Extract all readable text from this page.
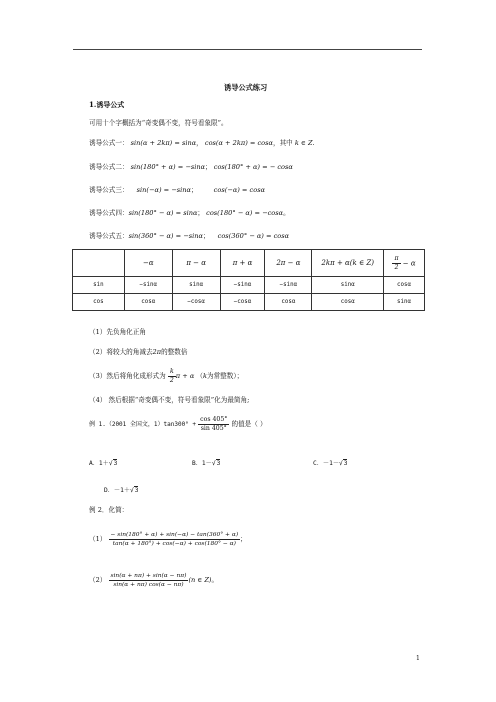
诱导公式练习
1.诱导公式
可用十个字概括为“奇变偶不变，符号看象限”。
诱导公式一： sin(α + 2kπ) = sinα， cos(α + 2kπ) = cosα，其中 k ∈ Z.
诱导公式二： sin(180° + α) = −sinα； cos(180° + α) = − cosα
诱导公式三： sin(−α) = −sinα； cos(−α) = cosα
诱导公式四：sin(180° − α) = sinα； cos(180° − α) = −cosα。
诱导公式五：sin(360° − α) = −sinα； cos(360° − α) = cosα
	−α	π − α	π + α	2π − α	2kπ + α(k ∈ Z)	$\frac{\pi}{2} - \alpha$
sin	−sinα	sinα	−sinα	−sinα	sinα	cosα
cos	cosα	−cosα	−cosα	cosα	cosα	sinα
（1）先负角化正角
（2）将较大的角减去2π的整数倍
（3）然后将角化成形式为 $\frac{k}{2}$ π + α （k为常整数）；
（4） 然后根据“奇变偶不变，符号看象限”化为最简角;
例 1.（2001 全国文，$1)\tan 300^\circ + \frac{\cos 405^\circ}{\sin 405^\circ}$ 的值是（ ）
A．1＋√3	B．1－√3	C．－1－√3
D．－1＋√3
例 2．化简：
$(1) \frac{- \sin(180^\circ + \alpha) + \sin(-\alpha) - \tan(360^\circ + \alpha)}{\tan(\alpha + 180^\circ) + \cos(-\alpha) + \cos(180^\circ - \alpha)}$ ；
$(2) \frac{\sin(\alpha + n\pi) + \sin(\alpha - n\pi)}{\sin(\alpha + n\pi) \cos(\alpha - n\pi)} (n$ ∈ Z)。
1
